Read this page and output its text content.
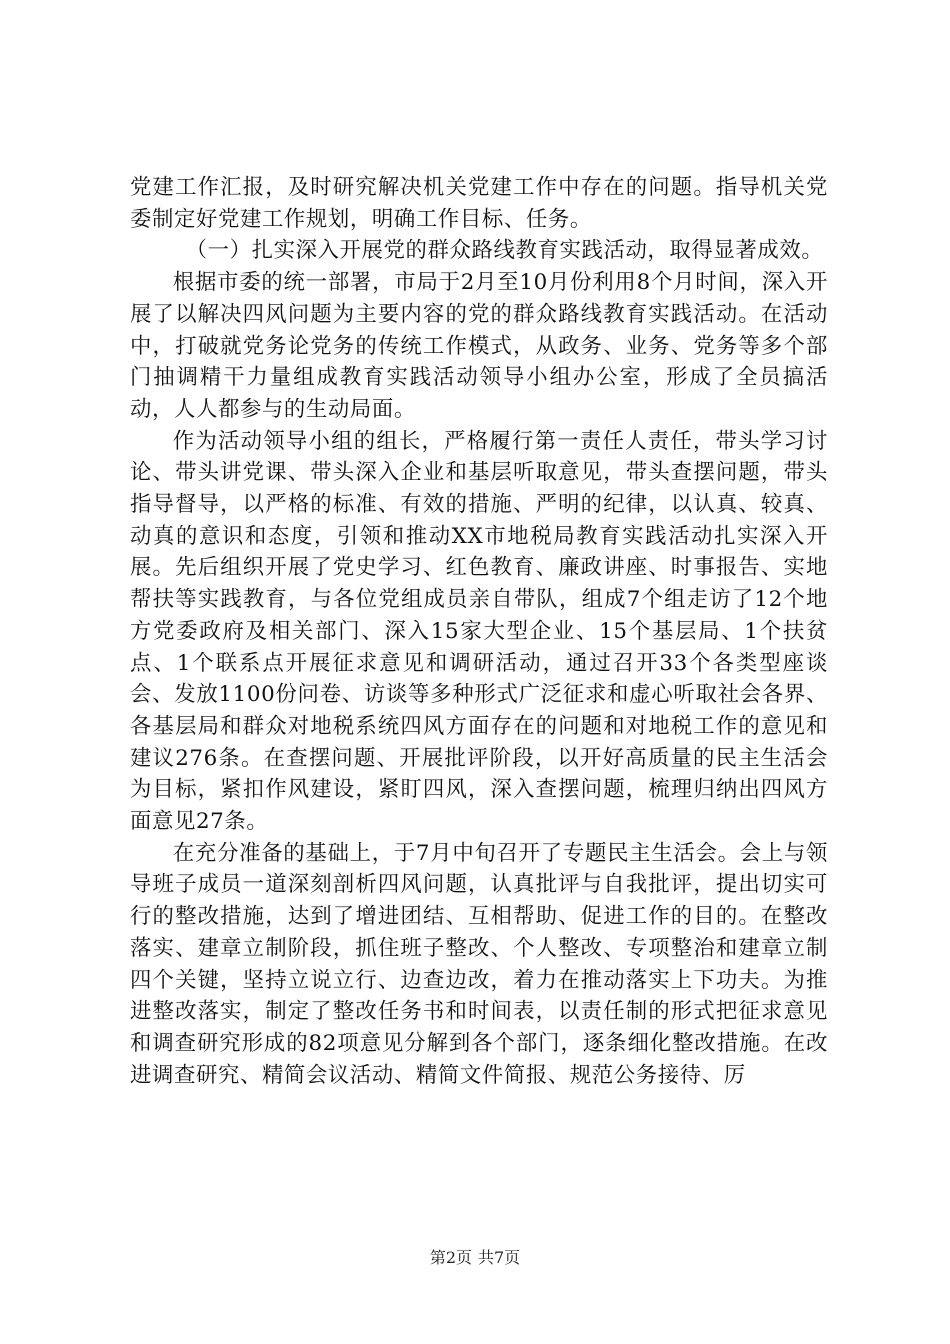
党建工作汇报，及时研究解决机关党建工作中存在的问题。指导机关党委制定好党建工作规划，明确工作目标、任务。

（一）扎实深入开展党的群众路线教育实践活动，取得显著成效。

根据市委的统一部署，市局于2月至10月份利用8个月时间，深入开展了以解决四风问题为主要内容的党的群众路线教育实践活动。在活动中，打破就党务论党务的传统工作模式，从政务、业务、党务等多个部门抽调精干力量组成教育实践活动领导小组办公室，形成了全员搞活动，人人都参与的生动局面。

作为活动领导小组的组长，严格履行第一责任人责任，带头学习讨论、带头讲党课、带头深入企业和基层听取意见，带头查摆问题，带头指导督导，以严格的标准、有效的措施、严明的纪律，以认真、较真、动真的意识和态度，引领和推动XX市地税局教育实践活动扎实深入开展。先后组织开展了党史学习、红色教育、廉政讲座、时事报告、实地帮扶等实践教育，与各位党组成员亲自带队，组成7个组走访了12个地方党委政府及相关部门、深入15家大型企业、15个基层局、1个扶贫点、1个联系点开展征求意见和调研活动，通过召开33个各类型座谈会、发放1100份问卷、访谈等多种形式广泛征求和虚心听取社会各界、各基层局和群众对地税系统四风方面存在的问题和对地税工作的意见和建议276条。在查摆问题、开展批评阶段，以开好高质量的民主生活会为目标，紧扣作风建设，紧盯四风，深入查摆问题，梳理归纳出四风方面意见27条。

在充分准备的基础上，于7月中旬召开了专题民主生活会。会上与领导班子成员一道深刻剖析四风问题，认真批评与自我批评，提出切实可行的整改措施，达到了增进团结、互相帮助、促进工作的目的。在整改落实、建章立制阶段，抓住班子整改、个人整改、专项整治和建章立制四个关键，坚持立说立行、边查边改，着力在推动落实上下功夫。为推进整改落实，制定了整改任务书和时间表，以责任制的形式把征求意见和调查研究形成的82项意见分解到各个部门，逐条细化整改措施。在改进调查研究、精简会议活动、精简文件简报、规范公务接待、厉

第2页 共7页
